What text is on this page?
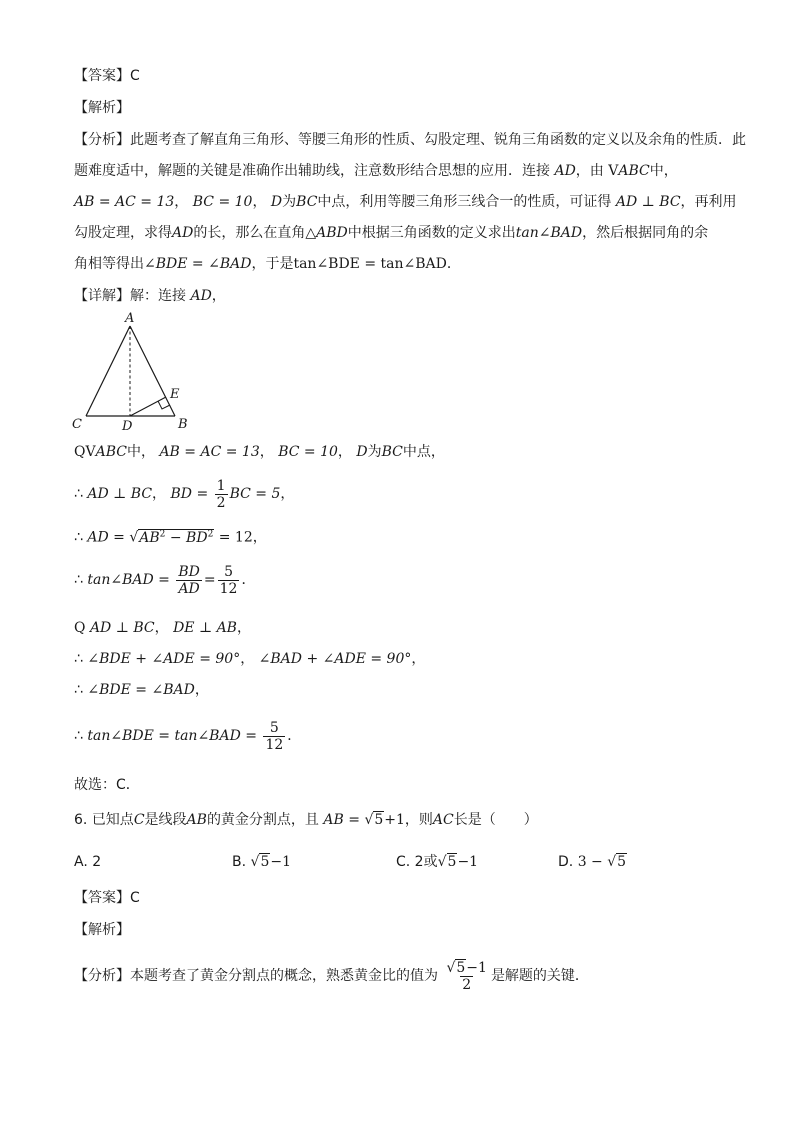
【答案】C
【解析】
【分析】此题考查了解直角三角形、等腰三角形的性质、勾股定理、锐角三角函数的定义以及余角的性质．此
题难度适中，解题的关键是准确作出辅助线，注意数形结合思想的应用．连接 AD，由 VABC中，
AB = AC = 13， BC = 10， D为BC中点，利用等腰三角形三线合一的性质，可证得 AD ⊥ BC，再利用
勾股定理，求得AD的长，那么在直角△ABD中根据三角函数的定义求出tan∠BAD，然后根据同角的余
角相等得出∠BDE = ∠BAD，于是tan∠BDE = tan∠BAD．
【详解】解：连接 AD，
A
B
C	D
E
QVABC中， AB = AC = 13， BC = 10， D为BC中点，
∴ AD ⊥ BC， BD = $\frac{1}{2}$ BC = 5，
∴ AD = $√AB^2 - BD^2 = 12$，
∴ tan∠BAD = $\frac{BD}{AD} = \frac{5}{12}$ ．
Q AD ⊥ BC， DE ⊥ AB，
∴ ∠BDE + ∠ADE = 90°， ∠BAD + ∠ADE = 90°，
∴ ∠BDE = ∠BAD，
∴ tan∠BDE = tan∠BAD = $\frac{5}{12}$ ．
故选：C．
6. 已知点C是线段AB的黄金分割点，且 AB = √5+1，则AC长是（　　）
A. 2	B. √5−1	C. 2或√5−1	D. 3 − √5
【答案】C
【解析】
【分析】本题考查了黄金分割点的概念，熟悉黄金比的值为 $\frac{√5-1}{2}$ 是解题的关键．
